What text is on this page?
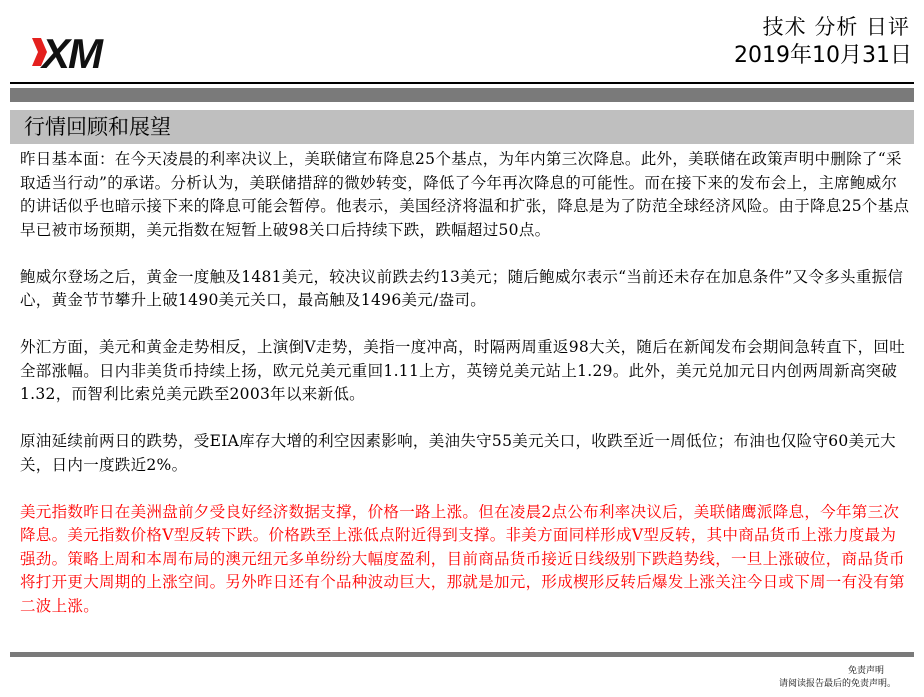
XM
技术 分析 日评
2019年10月31日
行情回顾和展望

昨日基本面：在今天凌晨的利率决议上，美联储宣布降息25个基点，为年内第三次降息。此外，美联储在政策声明中删除了“采取适当行动”的承诺。分析认为，美联储措辞的微妙转变，降低了今年再次降息的可能性。而在接下来的发布会上，主席鲍威尔的讲话似乎也暗示接下来的降息可能会暂停。他表示，美国经济将温和扩张，降息是为了防范全球经济风险。由于降息25个基点早已被市场预期，美元指数在短暂上破98关口后持续下跌，跌幅超过50点。

鲍威尔登场之后，黄金一度触及1481美元，较决议前跌去约13美元；随后鲍威尔表示“当前还未存在加息条件”又令多头重振信心，黄金节节攀升上破1490美元关口，最高触及1496美元/盎司。

外汇方面，美元和黄金走势相反，上演倒V走势，美指一度冲高，时隔两周重返98大关，随后在新闻发布会期间急转直下，回吐全部涨幅。日内非美货币持续上扬，欧元兑美元重回1.11上方，英镑兑美元站上1.29。此外，美元兑加元日内创两周新高突破1.32，而智利比索兑美元跌至2003年以来新低。

原油延续前两日的跌势，受EIA库存大增的利空因素影响，美油失守55美元关口，收跌至近一周低位；布油也仅险守60美元大关，日内一度跌近2%。

美元指数昨日在美洲盘前夕受良好经济数据支撑，价格一路上涨。但在凌晨2点公布利率决议后，美联储鹰派降息，今年第三次降息。美元指数价格V型反转下跌。价格跌至上涨低点附近得到支撑。非美方面同样形成V型反转，其中商品货币上涨力度最为强劲。策略上周和本周布局的澳元纽元多单纷纷大幅度盈利，目前商品货币接近日线级别下跌趋势线，一旦上涨破位，商品货币将打开更大周期的上涨空间。另外昨日还有个品种波动巨大，那就是加元，形成楔形反转后爆发上涨关注今日或下周一有没有第二波上涨。

免责声明
请阅读报告最后的免责声明。
